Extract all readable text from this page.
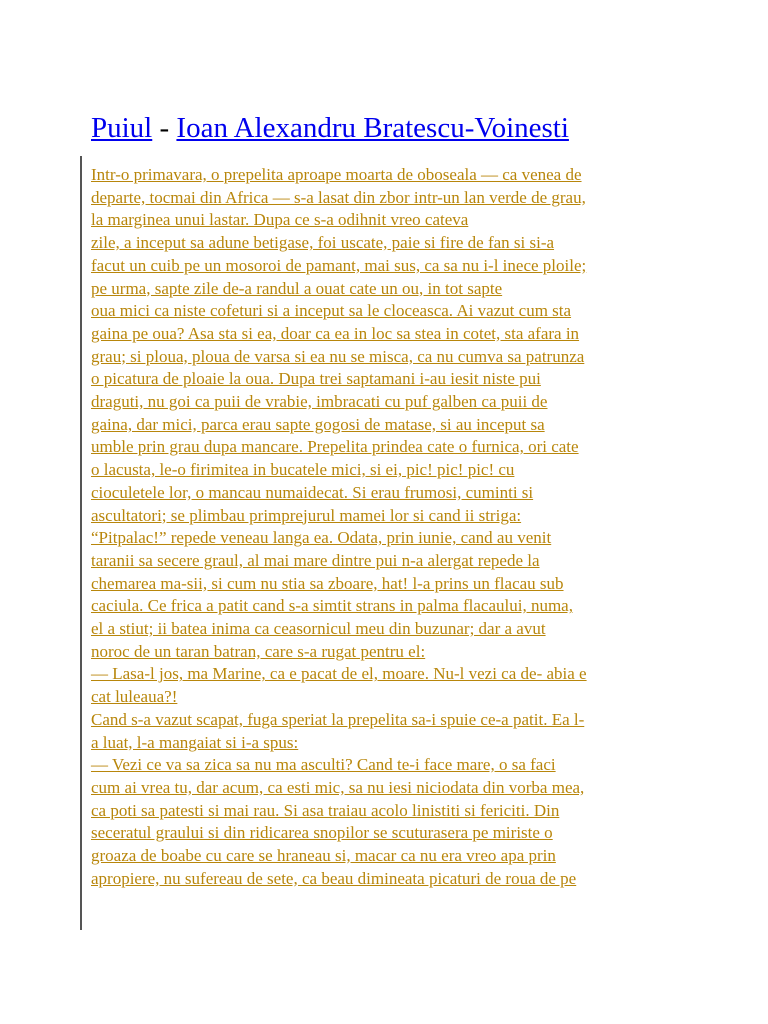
Puiul - Ioan Alexandru Bratescu-Voinesti

Intr-o primavara, o prepelita aproape moarta de oboseala — ca venea de
departe, tocmai din Africa — s-a lasat din zbor intr-un lan verde de grau,
la marginea unui lastar. Dupa ce s-a odihnit vreo cateva
zile, a inceput sa adune betigase, foi uscate, paie si fire de fan si si-a
facut un cuib pe un mosoroi de pamant, mai sus, ca sa nu i-l inece ploile;
pe urma, sapte zile de-a randul a ouat cate un ou, in tot sapte
oua mici ca niste cofeturi si a inceput sa le cloceasca. Ai vazut cum sta
gaina pe oua? Asa sta si ea, doar ca ea in loc sa stea in cotet, sta afara in
grau; si ploua, ploua de varsa si ea nu se misca, ca nu cumva sa patrunza
o picatura de ploaie la oua. Dupa trei saptamani i-au iesit niste pui
draguti, nu goi ca puii de vrabie, imbracati cu puf galben ca puii de
gaina, dar mici, parca erau sapte gogosi de matase, si au inceput sa
umble prin grau dupa mancare. Prepelita prindea cate o furnica, ori cate
o lacusta, le-o firimitea in bucatele mici, si ei, pic! pic! pic! cu
cioculetele lor, o mancau numaidecat. Si erau frumosi, cuminti si
ascultatori; se plimbau primprejurul mamei lor si cand ii striga:
“Pitpalac!” repede veneau langa ea. Odata, prin iunie, cand au venit
taranii sa secere graul, al mai mare dintre pui n-a alergat repede la
chemarea ma-sii, si cum nu stia sa zboare, hat! l-a prins un flacau sub
caciula. Ce frica a patit cand s-a simtit strans in palma flacaului, numa,
el a stiut; ii batea inima ca ceasornicul meu din buzunar; dar a avut
noroc de un taran batran, care s-a rugat pentru el:
— Lasa-l jos, ma Marine, ca e pacat de el, moare. Nu-l vezi ca de- abia e
cat luleaua?!
Cand s-a vazut scapat, fuga speriat la prepelita sa-i spuie ce-a patit. Ea l-
a luat, l-a mangaiat si i-a spus:
— Vezi ce va sa zica sa nu ma asculti? Cand te-i face mare, o sa faci
cum ai vrea tu, dar acum, ca esti mic, sa nu iesi niciodata din vorba mea,
ca poti sa patesti si mai rau. Si asa traiau acolo linistiti si fericiti. Din
seceratul graului si din ridicarea snopilor se scuturasera pe miriste o
groaza de boabe cu care se hraneau si, macar ca nu era vreo apa prin
apropiere, nu sufereau de sete, ca beau dimineata picaturi de roua de pe
